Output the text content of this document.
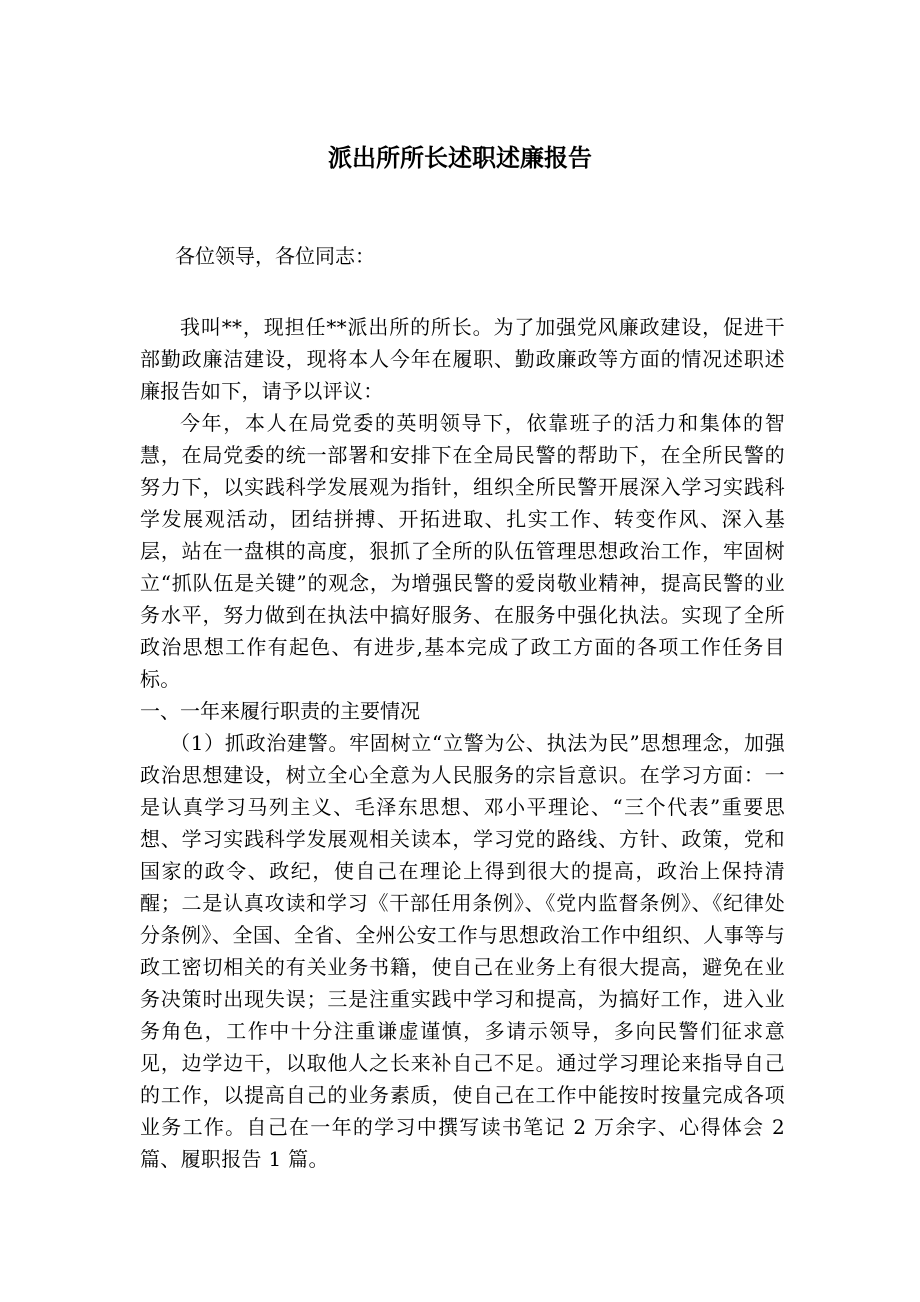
派出所所长述职述廉报告

各位领导，各位同志：

我叫**，现担任**派出所的所长。为了加强党风廉政建设，促进干部勤政廉洁建设，现将本人今年在履职、勤政廉政等方面的情况述职述廉报告如下，请予以评议：

今年，本人在局党委的英明领导下，依靠班子的活力和集体的智慧，在局党委的统一部署和安排下在全局民警的帮助下，在全所民警的努力下，以实践科学发展观为指针，组织全所民警开展深入学习实践科学发展观活动，团结拼搏、开拓进取、扎实工作、转变作风、深入基层，站在一盘棋的高度，狠抓了全所的队伍管理思想政治工作，牢固树立“抓队伍是关键”的观念，为增强民警的爱岗敬业精神，提高民警的业务水平，努力做到在执法中搞好服务、在服务中强化执法。实现了全所政治思想工作有起色、有进步,基本完成了政工方面的各项工作任务目标。

一、一年来履行职责的主要情况

（1）抓政治建警。牢固树立“立警为公、执法为民”思想理念，加强政治思想建设，树立全心全意为人民服务的宗旨意识。在学习方面：一是认真学习马列主义、毛泽东思想、邓小平理论、“三个代表”重要思想、学习实践科学发展观相关读本，学习党的路线、方针、政策，党和国家的政令、政纪，使自己在理论上得到很大的提高，政治上保持清醒；二是认真攻读和学习《干部任用条例》、《党内监督条例》、《纪律处分条例》、全国、全省、全州公安工作与思想政治工作中组织、人事等与政工密切相关的有关业务书籍，使自己在业务上有很大提高，避免在业务决策时出现失误；三是注重实践中学习和提高，为搞好工作，进入业务角色，工作中十分注重谦虚谨慎，多请示领导，多向民警们征求意见，边学边干，以取他人之长来补自己不足。通过学习理论来指导自己的工作，以提高自己的业务素质，使自己在工作中能按时按量完成各项业务工作。自己在一年的学习中撰写读书笔记 2 万余字、心得体会 2 篇、履职报告 1 篇。
